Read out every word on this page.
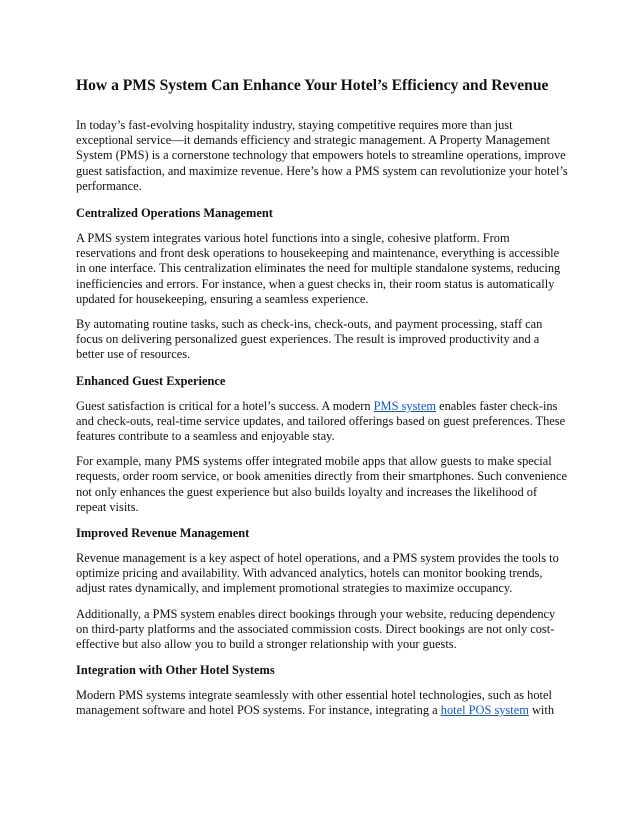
How a PMS System Can Enhance Your Hotel’s Efficiency and Revenue

In today’s fast-evolving hospitality industry, staying competitive requires more than just exceptional service—it demands efficiency and strategic management. A Property Management System (PMS) is a cornerstone technology that empowers hotels to streamline operations, improve guest satisfaction, and maximize revenue. Here’s how a PMS system can revolutionize your hotel’s performance.

Centralized Operations Management

A PMS system integrates various hotel functions into a single, cohesive platform. From reservations and front desk operations to housekeeping and maintenance, everything is accessible in one interface. This centralization eliminates the need for multiple standalone systems, reducing inefficiencies and errors. For instance, when a guest checks in, their room status is automatically updated for housekeeping, ensuring a seamless experience.

By automating routine tasks, such as check-ins, check-outs, and payment processing, staff can focus on delivering personalized guest experiences. The result is improved productivity and a better use of resources.

Enhanced Guest Experience

Guest satisfaction is critical for a hotel’s success. A modern PMS system enables faster check-ins and check-outs, real-time service updates, and tailored offerings based on guest preferences. These features contribute to a seamless and enjoyable stay.

For example, many PMS systems offer integrated mobile apps that allow guests to make special requests, order room service, or book amenities directly from their smartphones. Such convenience not only enhances the guest experience but also builds loyalty and increases the likelihood of repeat visits.

Improved Revenue Management

Revenue management is a key aspect of hotel operations, and a PMS system provides the tools to optimize pricing and availability. With advanced analytics, hotels can monitor booking trends, adjust rates dynamically, and implement promotional strategies to maximize occupancy.

Additionally, a PMS system enables direct bookings through your website, reducing dependency on third-party platforms and the associated commission costs. Direct bookings are not only cost-effective but also allow you to build a stronger relationship with your guests.

Integration with Other Hotel Systems

Modern PMS systems integrate seamlessly with other essential hotel technologies, such as hotel management software and hotel POS systems. For instance, integrating a hotel POS system with
